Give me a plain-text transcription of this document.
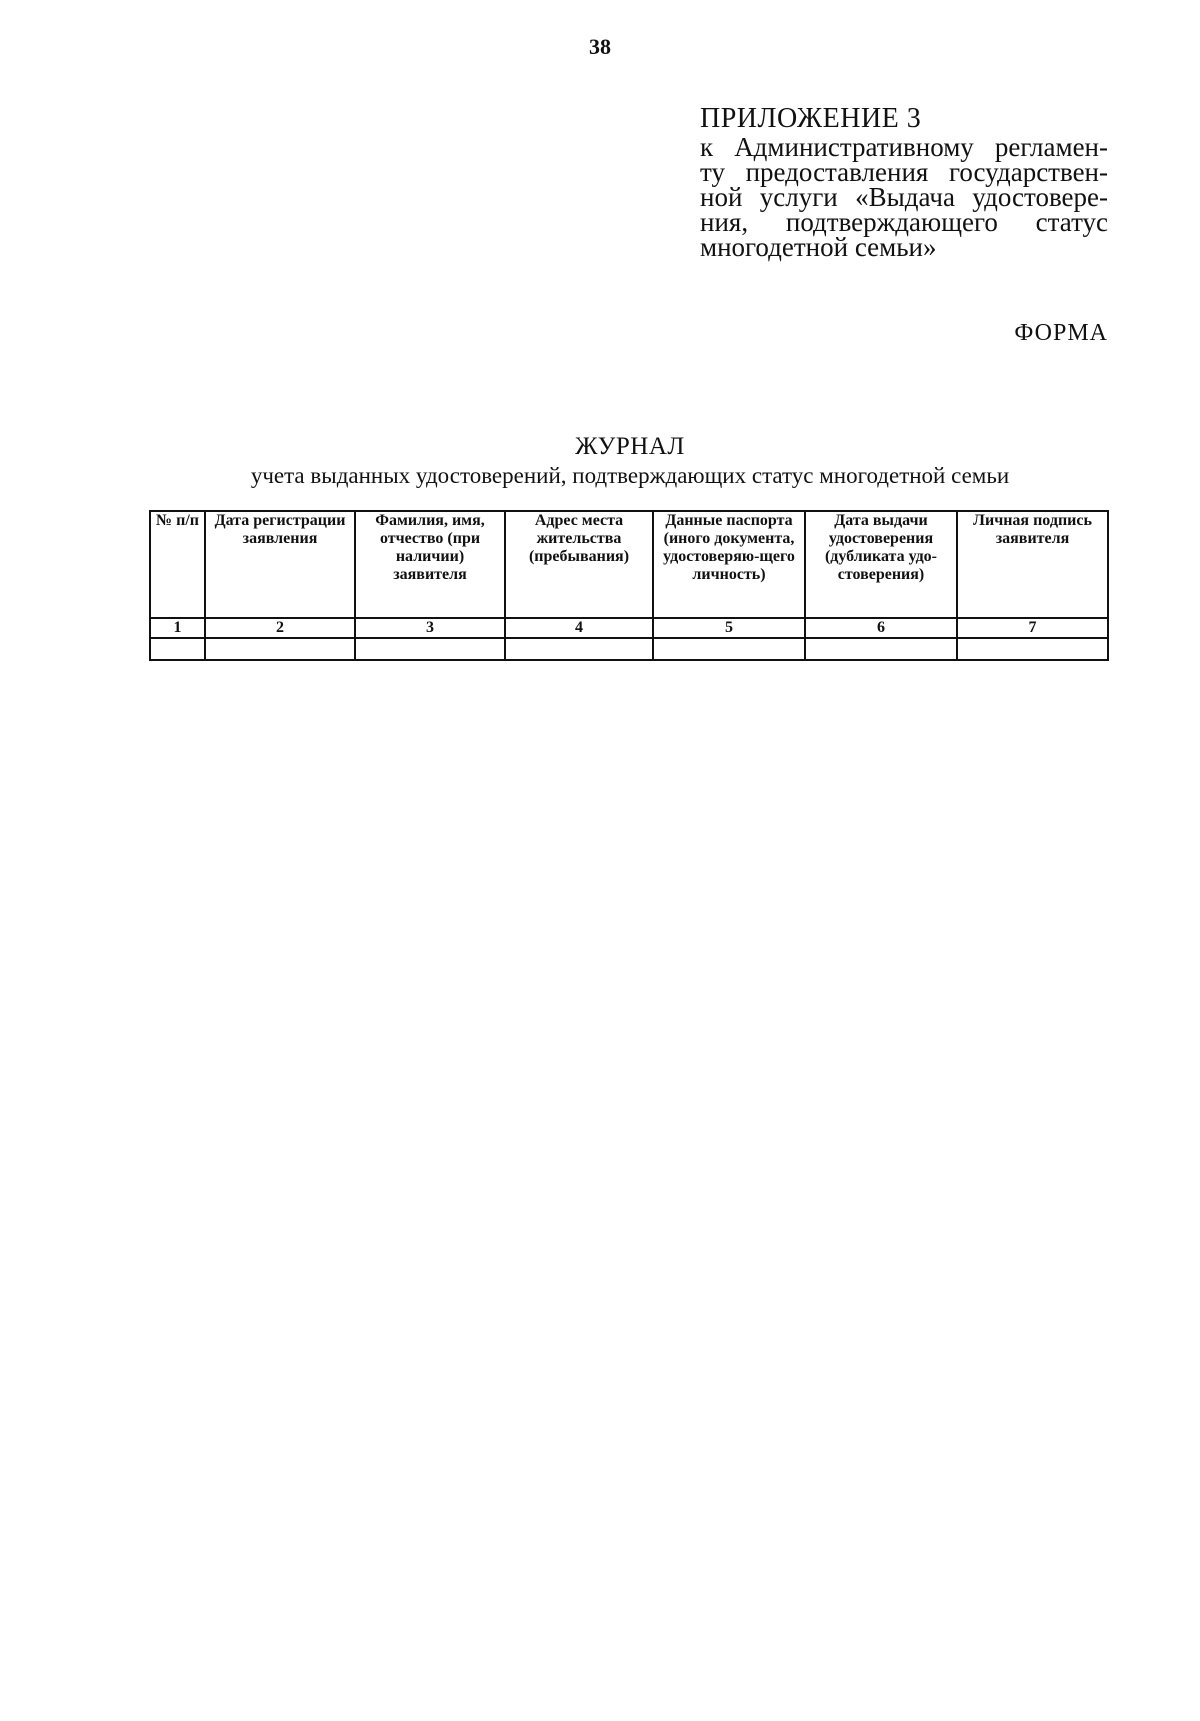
38
ПРИЛОЖЕНИЕ 3
к Административному регламен-
ту предоставления государствен-
ной услуги «Выдача удостовере-
ния, подтверждающего статус
многодетной семьи»
ФОРМА
ЖУРНАЛ
учета выданных удостоверений, подтверждающих статус многодетной семьи
№ п/п	Дата регистрации заявления	Фамилия, имя, отчество (при наличии) заявителя	Адрес места жительства (пребывания)	Данные паспорта (иного документа, удостоверяю-щего личность)	Дата выдачи удостоверения (дубликата удо-стоверения)	Личная подпись заявителя
1	2	3	4	5	6	7
